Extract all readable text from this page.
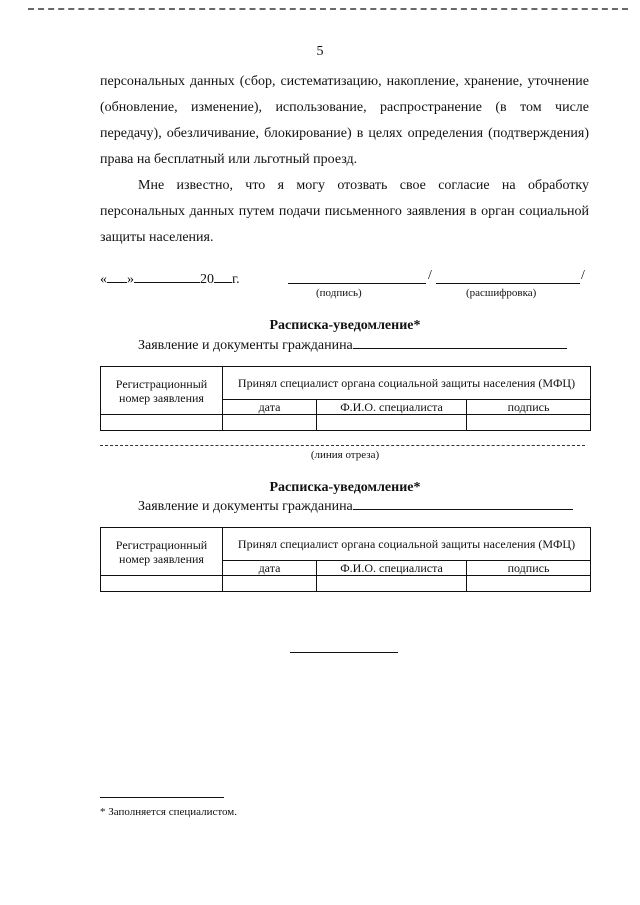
5
персональных данных (сбор, систематизацию, накопление, хранение, уточнение (обновление, изменение), использование, распространение (в том числе передачу), обезличивание, блокирование) в целях определения (подтверждения) права на бесплатный или льготный проезд.
Мне известно, что я могу отозвать свое согласие на обработку персональных данных путем подачи письменного заявления в орган социальной защиты населения.
« »	20 г.	/	/
(подпись)	(расшифровка)
Расписка-уведомление*
Заявление и документы гражданина
Регистрационный номер заявления	Принял специалист органа социальной защиты населения (МФЦ)		
	дата	Ф.И.О. специалиста	подпись

(линия отреза)
Расписка-уведомление*
Заявление и документы гражданина
Регистрационный номер заявления	Принял специалист органа социальной защиты населения (МФЦ)		
	дата	Ф.И.О. специалиста	подпись

* Заполняется специалистом.
